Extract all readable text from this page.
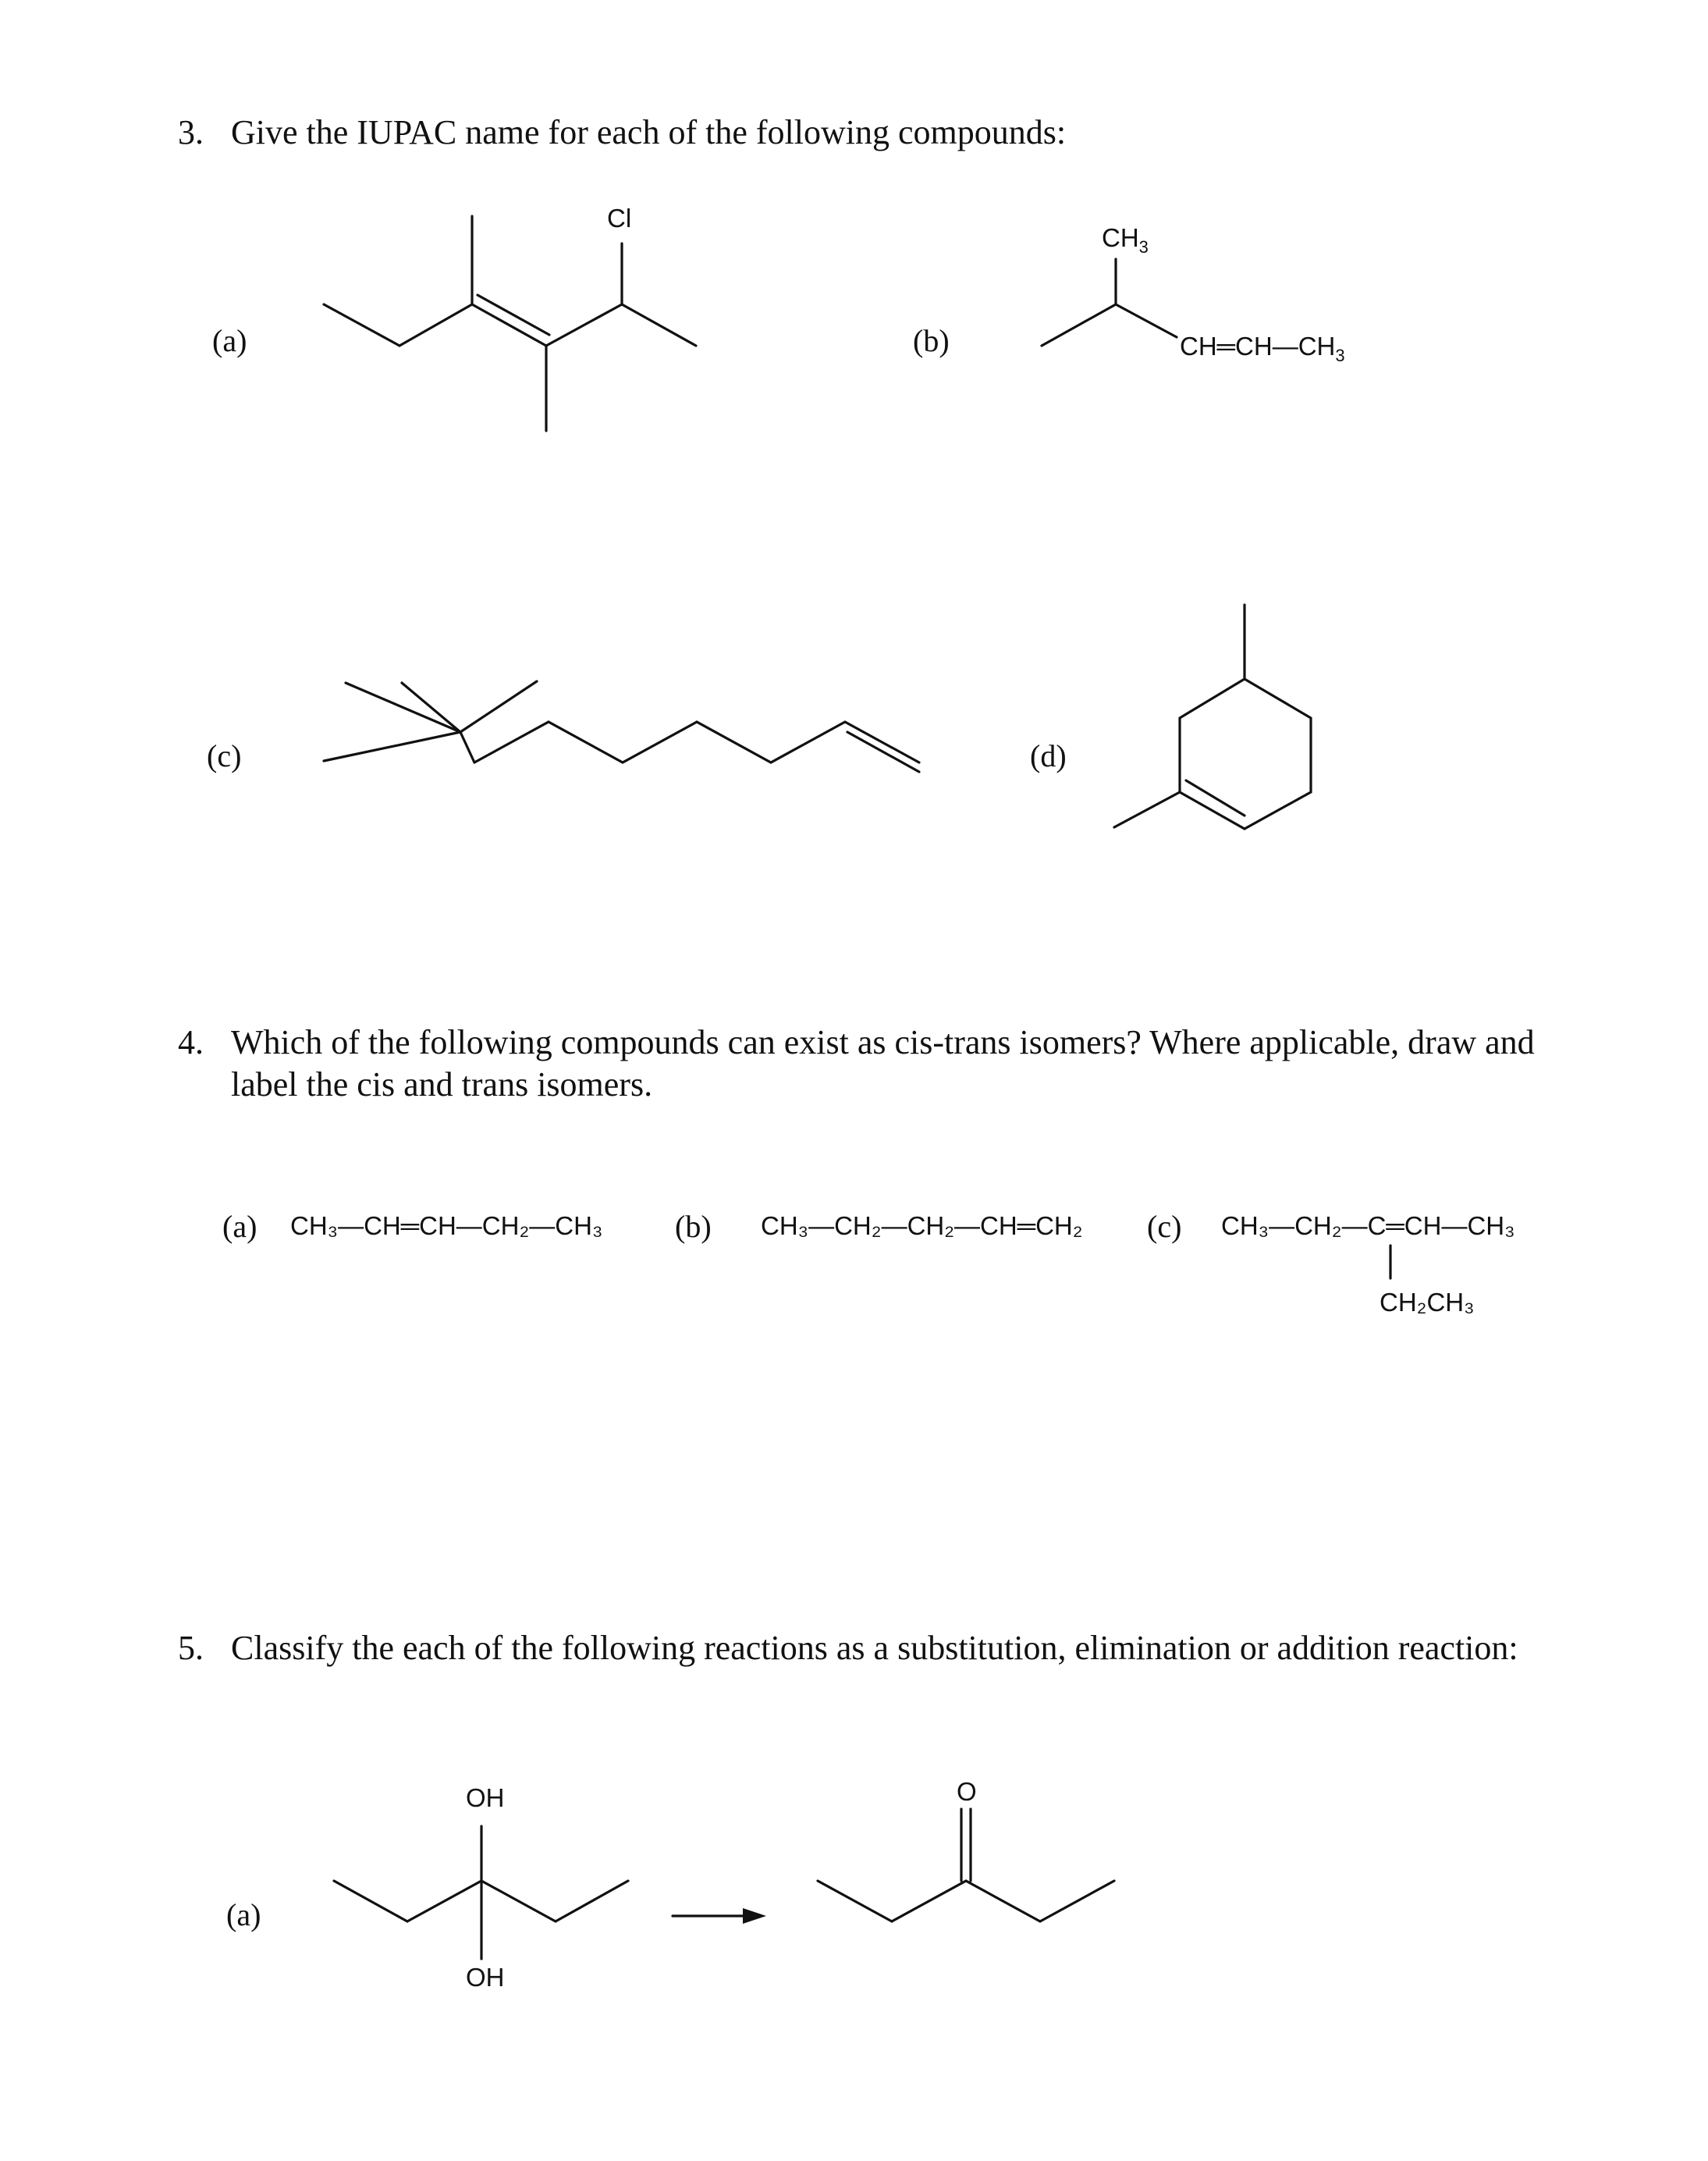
3. Give the IUPAC name for each of the following compounds:
(a)	(b)
(c)	(d)
4. Which of the following compounds can exist as cis-trans isomers? Where applicable, draw and label the cis and trans isomers.
(a)	(b)	(c)
5. Classify the each of the following reactions as a substitution, elimination or addition reaction:
(a)
Cl
$CH_3$
$CH═CH—CH_3$
CH₃—CH═CH—CH₂—CH₃	CH₃—CH₂—CH₂—CH═CH₂	CH₃—CH₂—C═CH—CH₃
CH₂CH₃
OH
OH
O
